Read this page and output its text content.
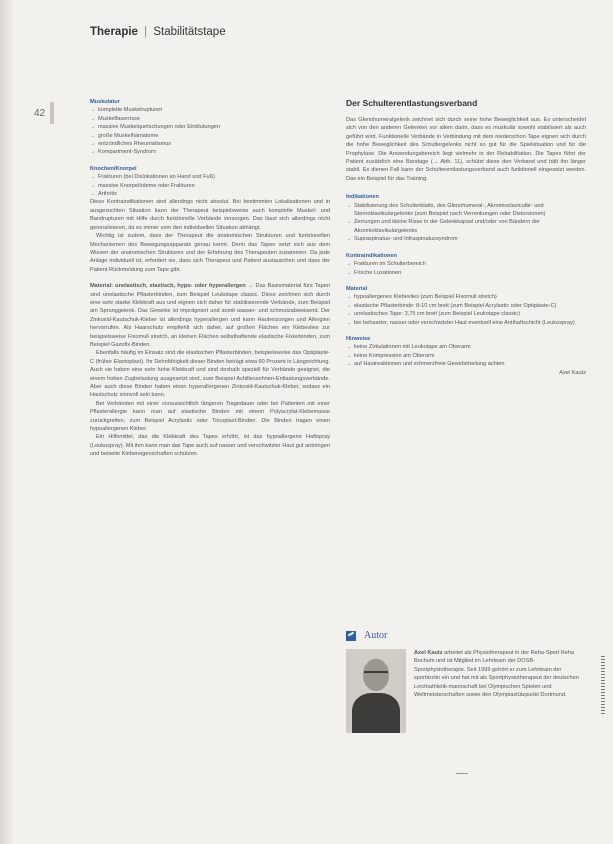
Therapie | Stabilitätstape
42
Muskulatur
→ komplette Muskelrupturen
→ Muskelfaserrisse
→ massive Muskelquetschungen oder Einblutungen
→ große Muskelhämatome
→ entzündliches Rheumatismus
→ Kompartment-Syndrom
Knochen/Knorpel
→ Frakturen (bei Dislokationen an Hand und Fuß)
→ massive Knorpelödeme oder Frakturen
→ Arthritis

Diese Kontraindikationen sind allerdings nicht absolut. Bei bestimmten Lokalisationen und in ausgesuchten Situation kann der Therapeut beispielsweise auch komplette Muskel- und Bandrupturen mit Hilfe durch funktionelle Verbände versorgen. Das lässt sich allerdings nicht generalisieren, da es immer vom den individuellen Situation abhängt.

Wichtig ist zudem, dass der Therapeut die anatomischen Strukturen und funktionellen Mechanismen des Bewegungsapparats genau kennt. Denn das Tapen setzt sich aus dem Wissen der anatomischen Strukturen und der Erfahrung des Therapeuten zusammen. Da jede Anlage individuell ist, erfordert sie, dass sich Therapeut und Patient austauschen und dass der Patient Rückmeldung zum Tape gibt.

Material: unelastisch, elastisch, hypo- oder hyperallergen → Das Basismaterial fürs Tapen sind unelastische Pflasterbinden, zum Beispiel Leukotape classic. Diese zeichnen sich durch eine sehr starke Klebkraft aus und eignen sich daher für stabilisierende Verbände, zum Beispiel am Sprunggelenk. Das Gewebe ist imprägniert und somit wasser- und schmutzabweisend. Der Zinkoxid-Kautschuk-Kleber ist allerdings hyperallergen und kann Hautreizungen und Allergien hervorrufen. Als Haarschutz empfiehlt sich daher, auf großen Flächen ein Klebevlies zur beispielsweise Fixomull stretch, an kleinen Flächen selbsthaftende elastische Fixierbinden, zum Beispiel Gazofix-Binden.

Ebenfalls häufig im Einsatz sind die elastischen Pflasterbinden, beispielsweise das Optiplaste-C (früher Elastoplast). Ihr Dehnfähigkeit dieser Binden beträgt etwa 60 Prozent in Längsrichtung. Auch sie haben eine sehr hohe Klebkraft und sind deshalb speziell für Verbände geeignet, die einem hohen Zugbelastung ausgesetzt sind, zum Beispiel Achillessehnen-Entlastungsverbände. Aber auch diese Binden haben einen hyperallergenen Zinkoxid-Kautschuk-Kleber, sodass ein Hautschutz sinnvoll sein kann.

Bei Verbänden mit einer voraussichtlich längeren Tragedauer oder bei Patienten mit einer Pflasterallergie kann man auf elastische Binden mit einem Polyacrylat-Klebemasse zurückgreifen, zum Beispiel Acrylastic oder Tricoplast-Binden. Die Binden tragen einen hypoallergenen Kleber.

Ein Hilfsmittel, das die Klebkraft des Tapes erhöht, ist das hypoallergene Haftspray (Leukospray). Mit ihm kann man das Tape auch auf nasser und verschwitzter Haut gut anbringen und beiseite Klebereigenschaften schützen.

Der Schulterentlastungsverband

Das Glenohumeralgelenk zeichnet sich durch seine hohe Beweglichkeit aus. Es unterscheidet sich von den anderen Gelenken vor allem darin, dass es muskulär sowohl stabilisiert als auch geführt wird. Funktionelle Verbände in Verbindung mit dem niederschon Tape eignen sich durch die hohe Beweglichkeit des Schultergelenks nicht so gut für die Spielsituation und für die Prophylaxe. Die Anwendungsbereich liegt vielmehr in der Rehabilitation. Die Tapes führt der Patient zusätzlich eine Bandage (→ Abb. 11), schützt diese den Verband und hält ihn länger stabil. Es dienen Fall kann der Schulterentlastungsverband auch funktionell eingesetzt werden. Das ein Beispiel für das Training.

Indikationen
→ Stabilisierung des Schulterblatts, des Glenohumeral-, Akromioclaviculär- und Sternoklavikulargelenks (zum Beispiel nach Verrenkungen oder Distorsionen)
→ Zerrungen und kleine Risse in der Gelenkkapsel und/oder von Bändern der Akromioklavikulargelenks
→ Supraspinatus- und Infraspinatussyndrom
Kontraindikationen
→ Frakturen im Schulterbereich
→ Frische Luxationen
Material
→ hypoallergenes Klebevlies (zum Beispiel Fixomull stretch)
→ elastische Pflasterbinde: 8-10 cm breit (zum Beispiel Acrylastic oder Optiplaste-C)
→ unelastisches Tape: 3,75 cm breit (zum Beispiel Leukotape classic)
→ bei behaarter, nasser oder verschwitzter Haut eventuell eine Antihaftschicht (Leukospray)
Hinweise
→ keine Zirkulationen mit Leukotape am Oberarm
→ keine Kompression am Oberarm
→ auf Hautreaktionen und schmerzfreie Gewebeheilung achten
Axel Kautz
Autor
Axel Kautz arbeitet als Physiotherapeut in der Reha-Sport Reha Bochum und ist Mitglied im Lehrteam der DOSB-Sportphysiotherapie. Seit 1999 gehört er zum Lehrteam der sportärztin ein und hat mit als Sportphysiotherapeut der deutschen Leichtathletik-mannschaft bei Olympischen Spielen und Weltmeisterschaften sowie den Olympiastützpunkt Dortmund.
